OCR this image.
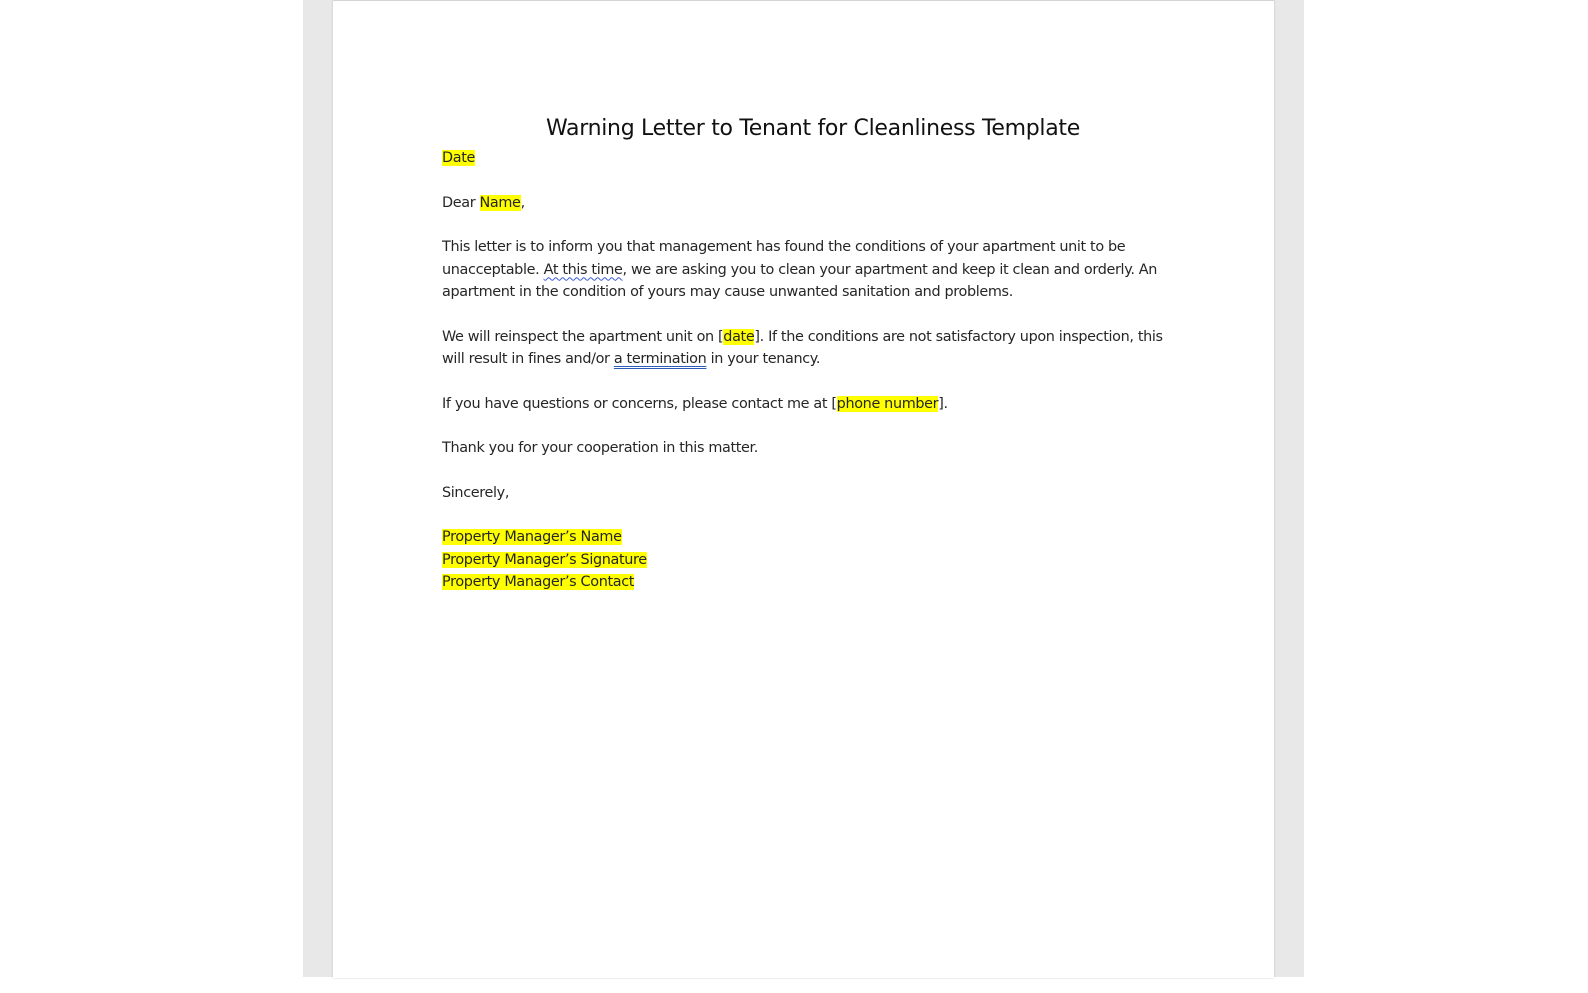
Warning Letter to Tenant for Cleanliness Template

Date

Dear Name,

This letter is to inform you that management has found the conditions of your apartment unit to be unacceptable. At this time, we are asking you to clean your apartment and keep it clean and orderly. An apartment in the condition of yours may cause unwanted sanitation and problems.

We will reinspect the apartment unit on [date]. If the conditions are not satisfactory upon inspection, this will result in fines and/or a termination in your tenancy.

If you have questions or concerns, please contact me at [phone number].

Thank you for your cooperation in this matter.

Sincerely,

Property Manager’s Name
Property Manager’s Signature
Property Manager’s Contact
